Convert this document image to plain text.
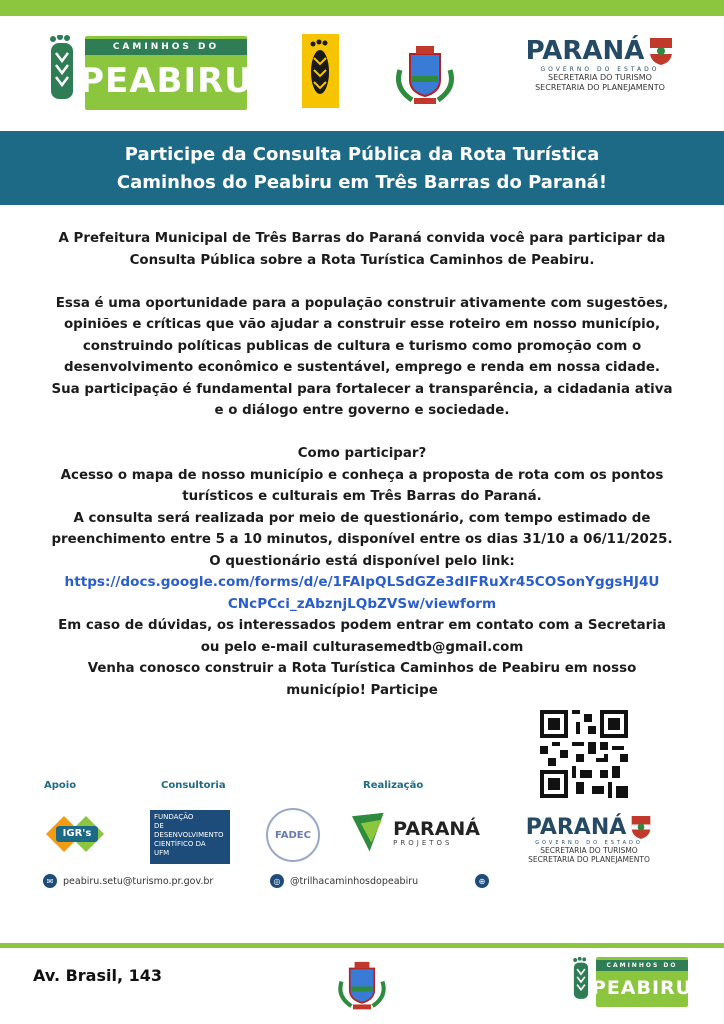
CAMINHOS DO
PEABIRU
PARANÁ
GOVERNO DO ESTADO
SECRETARIA DO TURISMO
SECRETARIA DO PLANEJAMENTO
Participe da Consulta Pública da Rota Turística
Caminhos do Peabiru em Três Barras do Paraná!

A Prefeitura Municipal de Três Barras do Paraná convida você para participar da

Consulta Pública sobre a Rota Turística Caminhos de Peabiru.

Essa é uma oportunidade para a população construir ativamente com sugestões,

opiniões e críticas que vão ajudar a construir esse roteiro em nosso município,

construindo políticas publicas de cultura e turismo como promoção com o

desenvolvimento econômico e sustentável, emprego e renda em nossa cidade.

Sua participação é fundamental para fortalecer a transparência, a cidadania ativa

e o diálogo entre governo e sociedade.

Como participar?

Acesso o mapa de nosso município e conheça a proposta de rota com os pontos

turísticos e culturais em Três Barras do Paraná.

A consulta será realizada por meio de questionário, com tempo estimado de

preenchimento entre 5 a 10 minutos, disponível entre os dias 31/10 a 06/11/2025.

O questionário está disponível pelo link:

https://docs.google.com/forms/d/e/1FAIpQLSdGZe3dIFRuXr45COSonYggsHJ4U

CNcPCci_zAbznjLQbZVSw/viewform

Em caso de dúvidas, os interessados podem entrar em contato com a Secretaria

ou pelo e-mail culturasemedtb@gmail.com

Venha conosco construir a Rota Turística Caminhos de Peabiru em nosso

município! Participe

Apoio	Consultoria	Realização
IGR's
FUNDAÇÃO
DE
DESENVOLVIMENTO
CIENTÍFICO DA
UFM
FADEC	PARANÁ
PROJETOS
PARANÁ
GOVERNO DO ESTADO
SECRETARIA DO TURISMO
SECRETARIA DO PLANEJAMENTO
✉	peabiru.setu@turismo.pr.gov.br	◎	@trilhacaminhosdopeabiru	⊕
Av. Brasil, 143
CAMINHOS DO
PEABIRU
